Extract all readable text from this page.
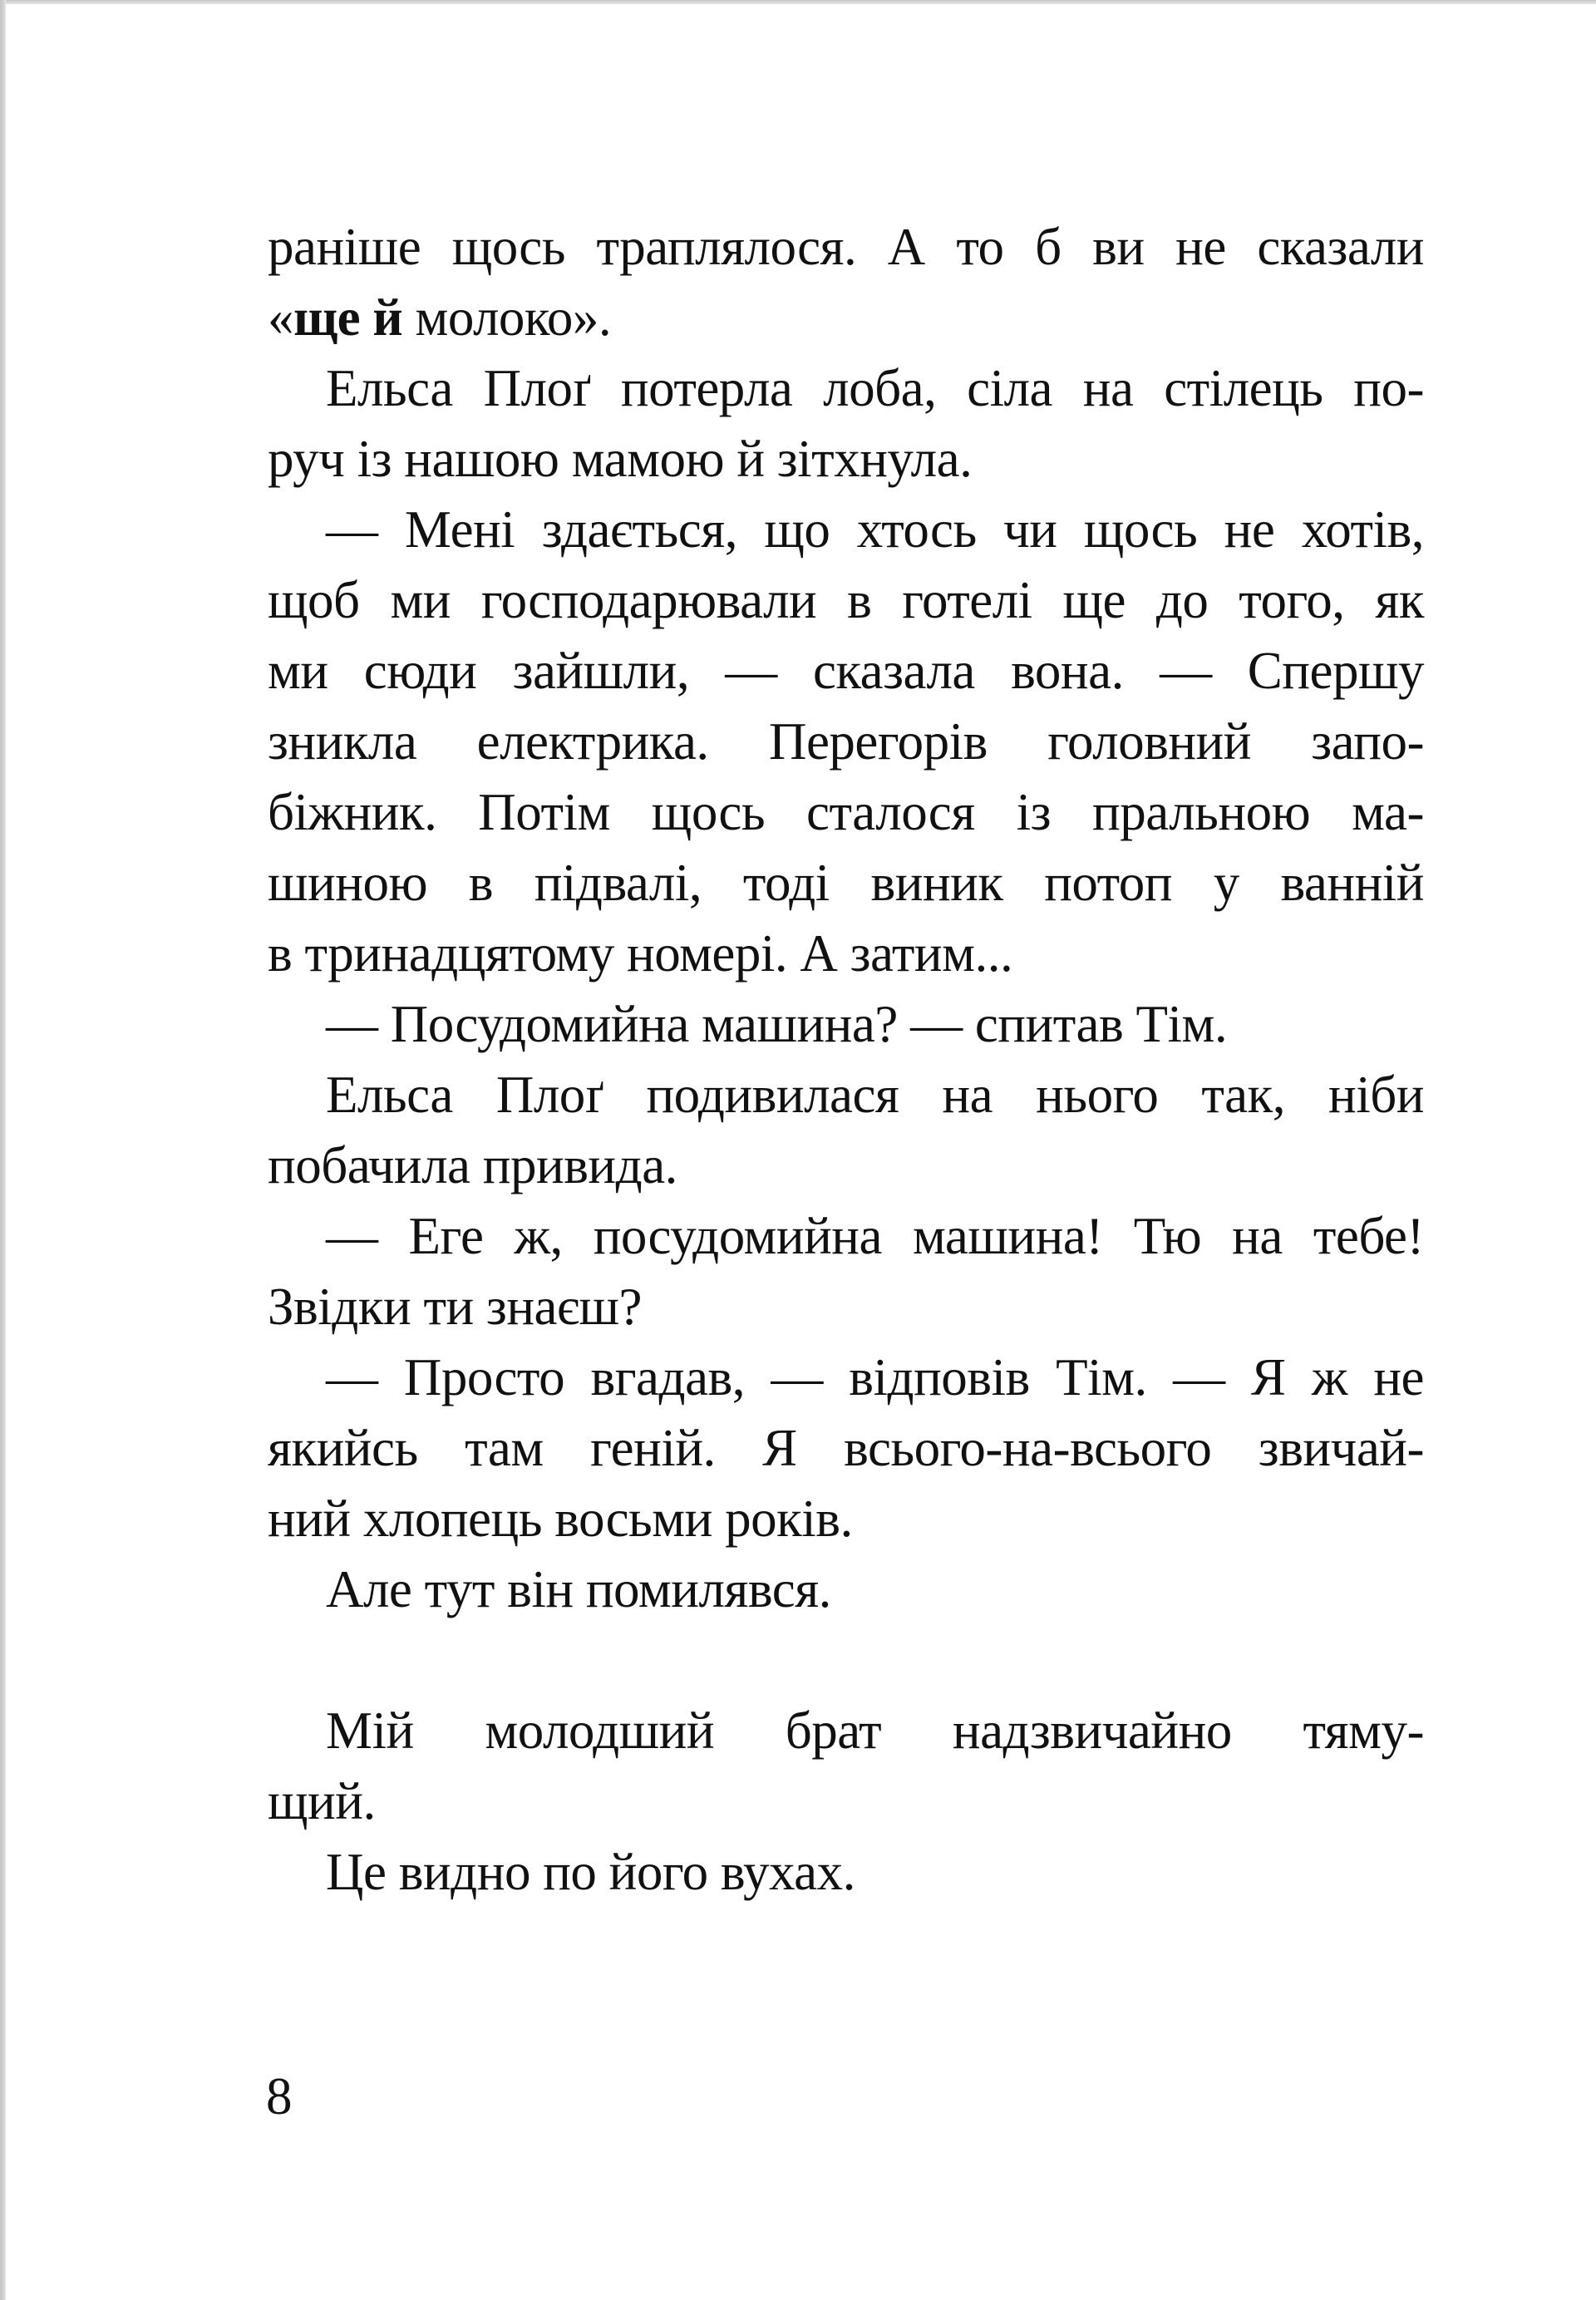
раніше щось траплялося. А то б ви не сказали
«ще й молоко».
Ельса Плоґ потерла лоба, сіла на стілець по-
руч із нашою мамою й зітхнула.
— Мені здається, що хтось чи щось не хотів,
щоб ми господарювали в готелі ще до того, як
ми сюди зайшли, — сказала вона. — Спершу
зникла електрика. Перегорів головний запо-
біжник. Потім щось сталося із пральною ма-
шиною в підвалі, тоді виник потоп у ванній
в тринадцятому номері. А затим...
— Посудомийна машина? — спитав Тім.
Ельса Плоґ подивилася на нього так, ніби
побачила привида.
— Еге ж, посудомийна машина! Тю на тебе!
Звідки ти знаєш?
— Просто вгадав, — відповів Тім. — Я ж не
якийсь там геній. Я всього-на-всього звичай-
ний хлопець восьми років.
Але тут він помилявся.
Мій молодший брат надзвичайно тяму-
щий.
Це видно по його вухах.
8
